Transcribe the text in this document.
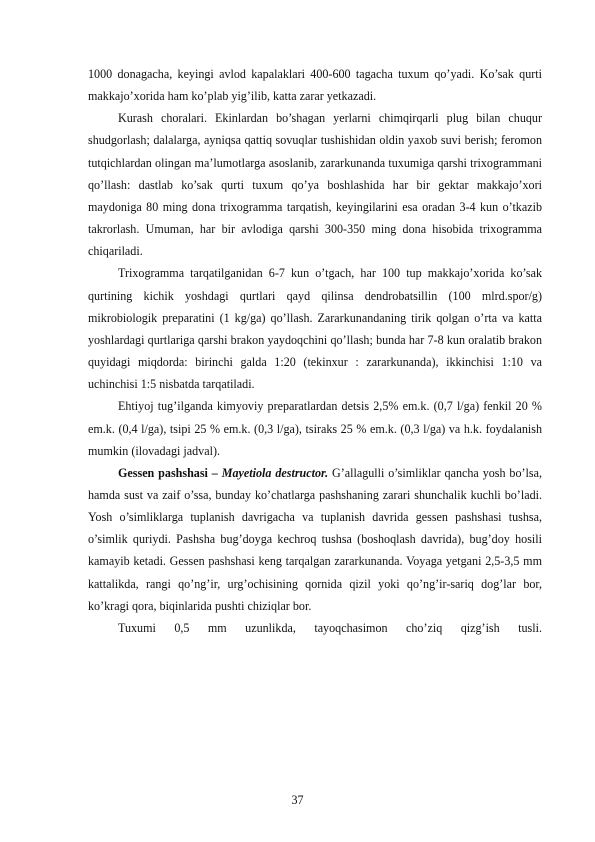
1000 donagacha, keyingi avlod kapalaklari 400-600 tagacha tuxum qo’yadi. Ko’sak qurti makkajo’xorida ham ko’plab yig’ilib, katta zarar yetkazadi.

Kurash choralari. Ekinlardan bo’shagan yerlarni chimqirqarli plug bilan chuqur shudgorlash; dalalarga, ayniqsa qattiq sovuqlar tushishidan oldin yaxob suvi berish; feromon tutqichlardan olingan ma’lumotlarga asoslanib, zararkunanda tuxumiga qarshi trixogrammani qo’llash: dastlab ko’sak qurti tuxum qo’ya boshlashida har bir gektar makkajo’xori maydoniga 80 ming dona trixogramma tarqatish, keyingilarini esa oradan 3-4 kun o’tkazib takrorlash. Umuman, har bir avlodiga qarshi 300-350 ming dona hisobida trixogramma chiqariladi.

Trixogramma tarqatilganidan 6-7 kun o’tgach, har 100 tup makkajo’xorida ko’sak qurtining kichik yoshdagi qurtlari qayd qilinsa dendrobatsillin (100 mlrd.spor/g) mikrobiologik preparatini (1 kg/ga) qo’llash. Zararkunandaning tirik qolgan o’rta va katta yoshlardagi qurtlariga qarshi brakon yaydoqchini qo’llash; bunda har 7-8 kun oralatib brakon quyidagi miqdorda: birinchi galda 1:20 (tekinxur : zararkunanda), ikkinchisi 1:10 va uchinchisi 1:5 nisbatda tarqatiladi.

Ehtiyoj tug’ilganda kimyoviy preparatlardan detsis 2,5% em.k. (0,7 l/ga) fenkil 20 % em.k. (0,4 l/ga), tsipi 25 % em.k. (0,3 l/ga), tsiraks 25 % em.k. (0,3 l/ga) va h.k. foydalanish mumkin (ilovadagi jadval).

Gessen pashshasi – Mayetiola destructor. G’allagulli o’simliklar qancha yosh bo’lsa, hamda sust va zaif o’ssa, bunday ko’chatlarga pashshaning zarari shunchalik kuchli bo’ladi. Yosh o’simliklarga tuplanish davrigacha va tuplanish davrida gessen pashshasi tushsa, o’simlik quriydi. Pashsha bug’doyga kechroq tushsa (boshoqlash davrida), bug’doy hosili kamayib ketadi. Gessen pashshasi keng tarqalgan zararkunanda. Voyaga yetgani 2,5-3,5 mm kattalikda, rangi qo’ng’ir, urg’ochisining qornida qizil yoki qo’ng’ir-sariq dog’lar bor, ko’kragi qora, biqinlarida pushti chiziqlar bor.

Tuxumi 0,5 mm uzunlikda, tayoqchasimon cho’ziq qizg’ish tusli.

37
